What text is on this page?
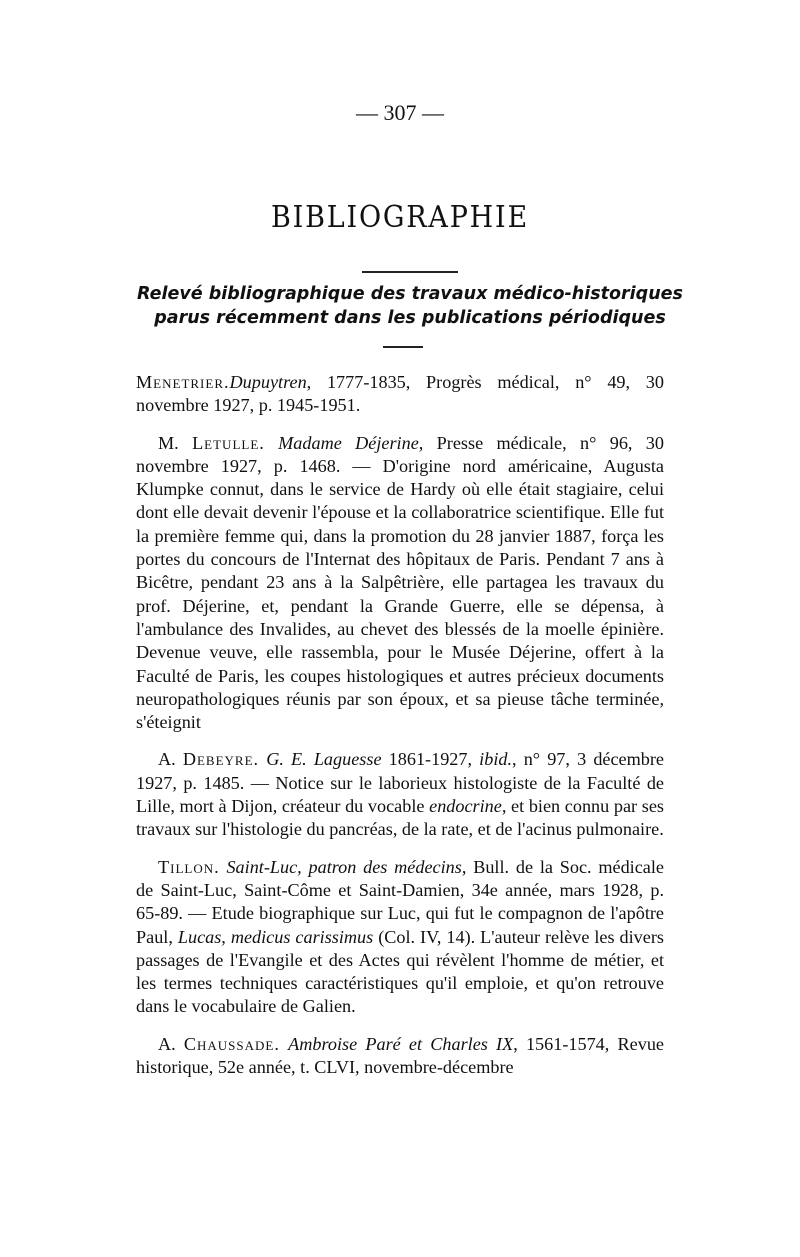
— 307 —
BIBLIOGRAPHIE
Relevé bibliographique des travaux médico-historiques
parus récemment dans les publications périodiques

Menetrier.Dupuytren, 1777-1835, Progrès médical, n° 49, 30 novembre 1927, p. 1945-1951.

M. Letulle. Madame Déjerine, Presse médicale, n° 96, 30 novembre 1927, p. 1468. — D'origine nord américaine, Augusta Klumpke connut, dans le service de Hardy où elle était stagiaire, celui dont elle devait devenir l'épouse et la collaboratrice scientifique. Elle fut la première femme qui, dans la promotion du 28 janvier 1887, força les portes du concours de l'Internat des hôpitaux de Paris. Pendant 7 ans à Bicêtre, pendant 23 ans à la Salpêtrière, elle partagea les travaux du prof. Déjerine, et, pendant la Grande Guerre, elle se dépensa, à l'ambulance des Invalides, au chevet des blessés de la moelle épinière. Devenue veuve, elle rassembla, pour le Musée Déjerine, offert à la Faculté de Paris, les coupes histologiques et autres précieux documents neuropathologiques réunis par son époux, et sa pieuse tâche terminée, s'éteignit

A. Debeyre. G. E. Laguesse 1861-1927, ibid., n° 97, 3 décembre 1927, p. 1485. — Notice sur le laborieux histologiste de la Faculté de Lille, mort à Dijon, créateur du vocable endocrine, et bien connu par ses travaux sur l'histologie du pancréas, de la rate, et de l'acinus pulmonaire.

Tillon. Saint-Luc, patron des médecins, Bull. de la Soc. médicale de Saint-Luc, Saint-Côme et Saint-Damien, 34e année, mars 1928, p. 65-89. — Etude biographique sur Luc, qui fut le compagnon de l'apôtre Paul, Lucas, medicus carissimus (Col. IV, 14). L'auteur relève les divers passages de l'Evangile et des Actes qui révèlent l'homme de métier, et les termes techniques caractéristiques qu'il emploie, et qu'on retrouve dans le vocabulaire de Galien.

A. Chaussade. Ambroise Paré et Charles IX, 1561-1574, Revue historique, 52e année, t. CLVI, novembre-décembre
